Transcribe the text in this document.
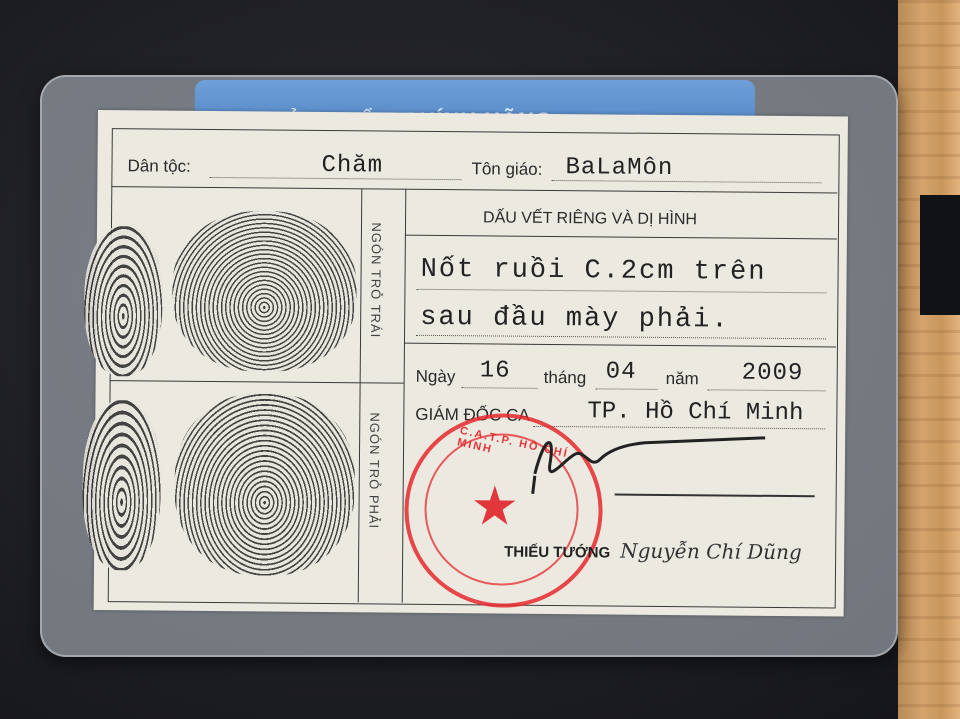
Dân tộc:	Chăm	Tôn giáo: BaLaMôn
NGÓN TRỎ TRÁI
NGÓN TRỎ PHẢI
DẤU VẾT RIÊNG VÀ DỊ HÌNH
Nốt ruồi C.2cm trên
sau đầu mày phải.
Ngày 16 tháng 04 năm 2009
GIÁM ĐỐC CA TP. Hồ Chí Minh
C.A.T.P. HỒ CHÍ MINH
★
THIẾU TƯỚNG Nguyễn Chí Dũng
